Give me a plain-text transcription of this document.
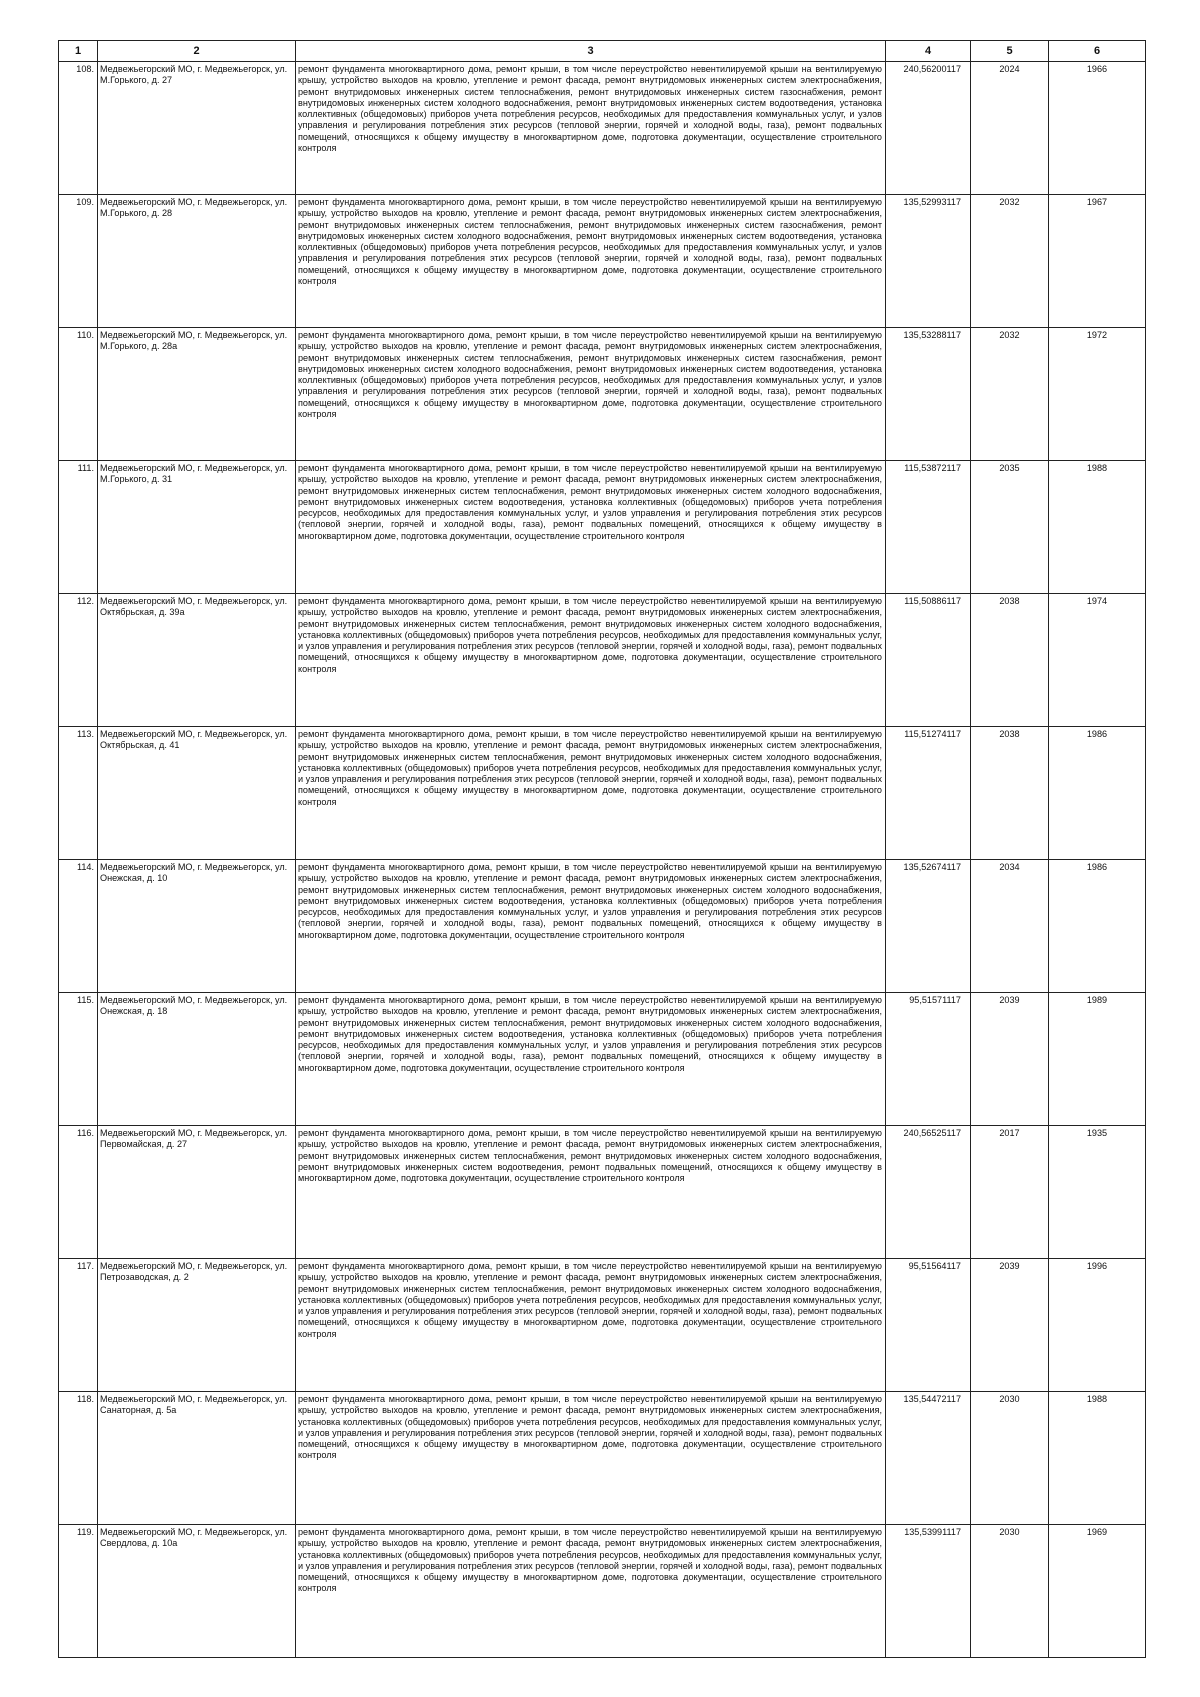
1	2	3	4	5	6
108.	Медвежьегорский МО, г. Медвежьегорск, ул. М.Горького, д. 27	ремонт фундамента многоквартирного дома, ремонт крыши, в том числе переустройство невентилируемой крыши на вентилируемую крышу, устройство выходов на кровлю, утепление и ремонт фасада, ремонт внутридомовых инженерных систем электроснабжения, ремонт внутридомовых инженерных систем теплоснабжения, ремонт внутридомовых инженерных систем газоснабжения, ремонт внутридомовых инженерных систем холодного водоснабжения, ремонт внутридомовых инженерных систем водоотведения, установка коллективных (общедомовых) приборов учета потребления ресурсов, необходимых для предоставления коммунальных услуг, и узлов управления и регулирования потребления этих ресурсов (тепловой энергии, горячей и холодной воды, газа), ремонт подвальных помещений, относящихся к общему имуществу в многоквартирном доме, подготовка документации, осуществление строительного контроля	240,56200117	2024	1966
109.	Медвежьегорский МО, г. Медвежьегорск, ул. М.Горького, д. 28	ремонт фундамента многоквартирного дома, ремонт крыши, в том числе переустройство невентилируемой крыши на вентилируемую крышу, устройство выходов на кровлю, утепление и ремонт фасада, ремонт внутридомовых инженерных систем электроснабжения, ремонт внутридомовых инженерных систем теплоснабжения, ремонт внутридомовых инженерных систем газоснабжения, ремонт внутридомовых инженерных систем холодного водоснабжения, ремонт внутридомовых инженерных систем водоотведения, установка коллективных (общедомовых) приборов учета потребления ресурсов, необходимых для предоставления коммунальных услуг, и узлов управления и регулирования потребления этих ресурсов (тепловой энергии, горячей и холодной воды, газа), ремонт подвальных помещений, относящихся к общему имуществу в многоквартирном доме, подготовка документации, осуществление строительного контроля	135,52993117	2032	1967
110.	Медвежьегорский МО, г. Медвежьегорск, ул. М.Горького, д. 28а	ремонт фундамента многоквартирного дома, ремонт крыши, в том числе переустройство невентилируемой крыши на вентилируемую крышу, устройство выходов на кровлю, утепление и ремонт фасада, ремонт внутридомовых инженерных систем электроснабжения, ремонт внутридомовых инженерных систем теплоснабжения, ремонт внутридомовых инженерных систем газоснабжения, ремонт внутридомовых инженерных систем холодного водоснабжения, ремонт внутридомовых инженерных систем водоотведения, установка коллективных (общедомовых) приборов учета потребления ресурсов, необходимых для предоставления коммунальных услуг, и узлов управления и регулирования потребления этих ресурсов (тепловой энергии, горячей и холодной воды, газа), ремонт подвальных помещений, относящихся к общему имуществу в многоквартирном доме, подготовка документации, осуществление строительного контроля	135,53288117	2032	1972
111.	Медвежьегорский МО, г. Медвежьегорск, ул. М.Горького, д. 31	ремонт фундамента многоквартирного дома, ремонт крыши, в том числе переустройство невентилируемой крыши на вентилируемую крышу, устройство выходов на кровлю, утепление и ремонт фасада, ремонт внутридомовых инженерных систем электроснабжения, ремонт внутридомовых инженерных систем теплоснабжения, ремонт внутридомовых инженерных систем холодного водоснабжения, ремонт внутридомовых инженерных систем водоотведения, установка коллективных (общедомовых) приборов учета потребления ресурсов, необходимых для предоставления коммунальных услуг, и узлов управления и регулирования потребления этих ресурсов (тепловой энергии, горячей и холодной воды, газа), ремонт подвальных помещений, относящихся к общему имуществу в многоквартирном доме, подготовка документации, осуществление строительного контроля	115,53872117	2035	1988
112.	Медвежьегорский МО, г. Медвежьегорск, ул. Октябрьская, д. 39а	ремонт фундамента многоквартирного дома, ремонт крыши, в том числе переустройство невентилируемой крыши на вентилируемую крышу, устройство выходов на кровлю, утепление и ремонт фасада, ремонт внутридомовых инженерных систем электроснабжения, ремонт внутридомовых инженерных систем теплоснабжения, ремонт внутридомовых инженерных систем холодного водоснабжения, установка коллективных (общедомовых) приборов учета потребления ресурсов, необходимых для предоставления коммунальных услуг, и узлов управления и регулирования потребления этих ресурсов (тепловой энергии, горячей и холодной воды, газа), ремонт подвальных помещений, относящихся к общему имуществу в многоквартирном доме, подготовка документации, осуществление строительного контроля	115,50886117	2038	1974
113.	Медвежьегорский МО, г. Медвежьегорск, ул. Октябрьская, д. 41	ремонт фундамента многоквартирного дома, ремонт крыши, в том числе переустройство невентилируемой крыши на вентилируемую крышу, устройство выходов на кровлю, утепление и ремонт фасада, ремонт внутридомовых инженерных систем электроснабжения, ремонт внутридомовых инженерных систем теплоснабжения, ремонт внутридомовых инженерных систем холодного водоснабжения, установка коллективных (общедомовых) приборов учета потребления ресурсов, необходимых для предоставления коммунальных услуг, и узлов управления и регулирования потребления этих ресурсов (тепловой энергии, горячей и холодной воды, газа), ремонт подвальных помещений, относящихся к общему имуществу в многоквартирном доме, подготовка документации, осуществление строительного контроля	115,51274117	2038	1986
114.	Медвежьегорский МО, г. Медвежьегорск, ул. Онежская, д. 10	ремонт фундамента многоквартирного дома, ремонт крыши, в том числе переустройство невентилируемой крыши на вентилируемую крышу, устройство выходов на кровлю, утепление и ремонт фасада, ремонт внутридомовых инженерных систем электроснабжения, ремонт внутридомовых инженерных систем теплоснабжения, ремонт внутридомовых инженерных систем холодного водоснабжения, ремонт внутридомовых инженерных систем водоотведения, установка коллективных (общедомовых) приборов учета потребления ресурсов, необходимых для предоставления коммунальных услуг, и узлов управления и регулирования потребления этих ресурсов (тепловой энергии, горячей и холодной воды, газа), ремонт подвальных помещений, относящихся к общему имуществу в многоквартирном доме, подготовка документации, осуществление строительного контроля	135,52674117	2034	1986
115.	Медвежьегорский МО, г. Медвежьегорск, ул. Онежская, д. 18	ремонт фундамента многоквартирного дома, ремонт крыши, в том числе переустройство невентилируемой крыши на вентилируемую крышу, устройство выходов на кровлю, утепление и ремонт фасада, ремонт внутридомовых инженерных систем электроснабжения, ремонт внутридомовых инженерных систем теплоснабжения, ремонт внутридомовых инженерных систем холодного водоснабжения, ремонт внутридомовых инженерных систем водоотведения, установка коллективных (общедомовых) приборов учета потребления ресурсов, необходимых для предоставления коммунальных услуг, и узлов управления и регулирования потребления этих ресурсов (тепловой энергии, горячей и холодной воды, газа), ремонт подвальных помещений, относящихся к общему имуществу в многоквартирном доме, подготовка документации, осуществление строительного контроля	95,51571117	2039	1989
116.	Медвежьегорский МО, г. Медвежьегорск, ул. Первомайская, д. 27	ремонт фундамента многоквартирного дома, ремонт крыши, в том числе переустройство невентилируемой крыши на вентилируемую крышу, устройство выходов на кровлю, утепление и ремонт фасада, ремонт внутридомовых инженерных систем электроснабжения, ремонт внутридомовых инженерных систем теплоснабжения, ремонт внутридомовых инженерных систем холодного водоснабжения, ремонт внутридомовых инженерных систем водоотведения, ремонт подвальных помещений, относящихся к общему имуществу в многоквартирном доме, подготовка документации, осуществление строительного контроля	240,56525117	2017	1935
117.	Медвежьегорский МО, г. Медвежьегорск, ул. Петрозаводская, д. 2	ремонт фундамента многоквартирного дома, ремонт крыши, в том числе переустройство невентилируемой крыши на вентилируемую крышу, устройство выходов на кровлю, утепление и ремонт фасада, ремонт внутридомовых инженерных систем электроснабжения, ремонт внутридомовых инженерных систем теплоснабжения, ремонт внутридомовых инженерных систем холодного водоснабжения, установка коллективных (общедомовых) приборов учета потребления ресурсов, необходимых для предоставления коммунальных услуг, и узлов управления и регулирования потребления этих ресурсов (тепловой энергии, горячей и холодной воды, газа), ремонт подвальных помещений, относящихся к общему имуществу в многоквартирном доме, подготовка документации, осуществление строительного контроля	95,51564117	2039	1996
118.	Медвежьегорский МО, г. Медвежьегорск, ул. Санаторная, д. 5а	ремонт фундамента многоквартирного дома, ремонт крыши, в том числе переустройство невентилируемой крыши на вентилируемую крышу, устройство выходов на кровлю, утепление и ремонт фасада, ремонт внутридомовых инженерных систем электроснабжения, установка коллективных (общедомовых) приборов учета потребления ресурсов, необходимых для предоставления коммунальных услуг, и узлов управления и регулирования потребления этих ресурсов (тепловой энергии, горячей и холодной воды, газа), ремонт подвальных помещений, относящихся к общему имуществу в многоквартирном доме, подготовка документации, осуществление строительного контроля	135,54472117	2030	1988
119.	Медвежьегорский МО, г. Медвежьегорск, ул. Свердлова, д. 10а	ремонт фундамента многоквартирного дома, ремонт крыши, в том числе переустройство невентилируемой крыши на вентилируемую крышу, устройство выходов на кровлю, утепление и ремонт фасада, ремонт внутридомовых инженерных систем электроснабжения, установка коллективных (общедомовых) приборов учета потребления ресурсов, необходимых для предоставления коммунальных услуг, и узлов управления и регулирования потребления этих ресурсов (тепловой энергии, горячей и холодной воды, газа), ремонт подвальных помещений, относящихся к общему имуществу в многоквартирном доме, подготовка документации, осуществление строительного контроля	135,53991117	2030	1969
